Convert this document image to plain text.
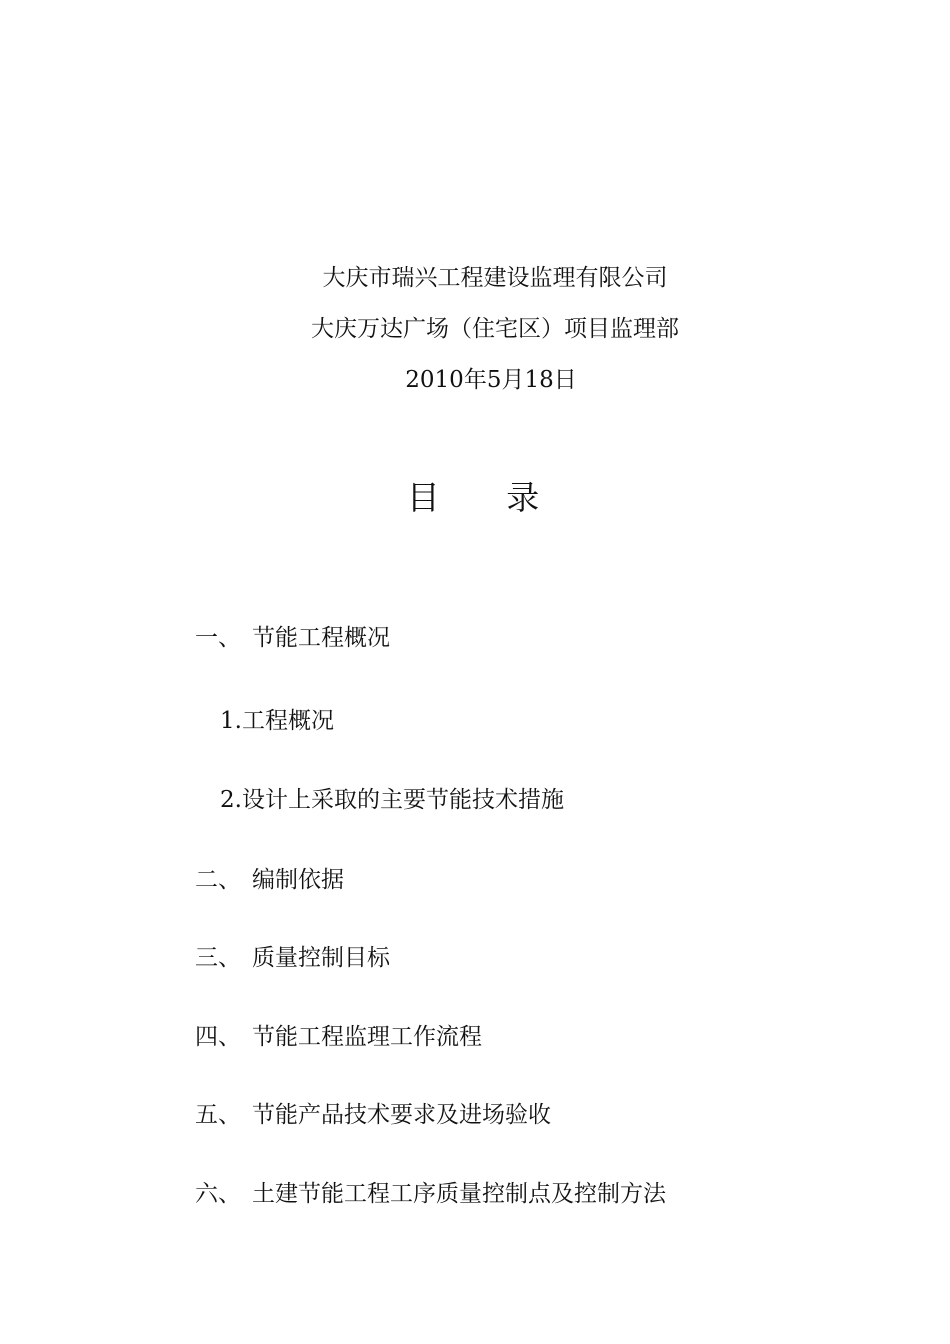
大庆市瑞兴工程建设监理有限公司
大庆万达广场（住宅区）项目监理部
2010年5月18日
目 录
一、 节能工程概况
1.工程概况
2.设计上采取的主要节能技术措施
二、 编制依据
三、 质量控制目标
四、 节能工程监理工作流程
五、 节能产品技术要求及进场验收
六、 土建节能工程工序质量控制点及控制方法
